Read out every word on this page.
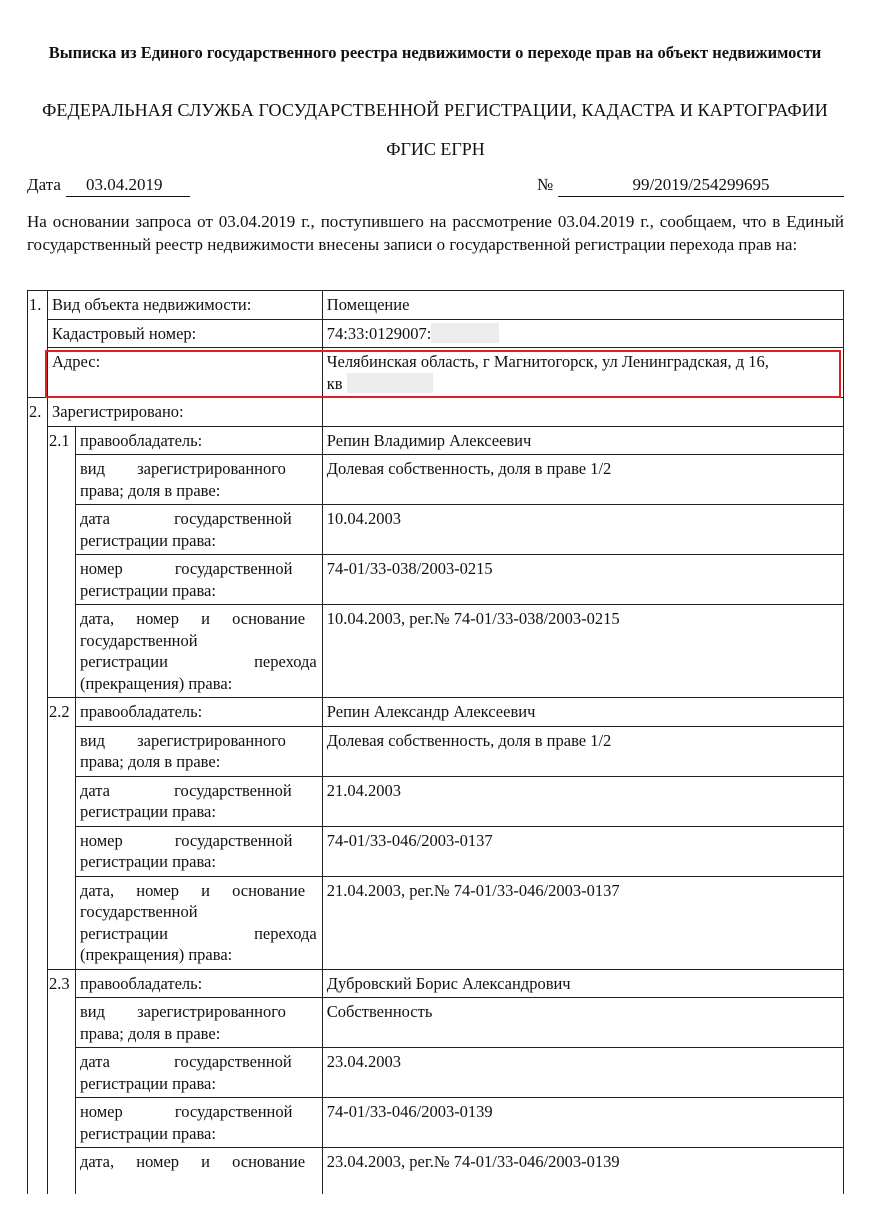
Выписка из Единого государственного реестра недвижимости о переходе прав на объект недвижимости
ФЕДЕРАЛЬНАЯ СЛУЖБА ГОСУДАРСТВЕННОЙ РЕГИСТРАЦИИ, КАДАСТРА И КАРТОГРАФИИ
ФГИС ЕГРН
Дата	03.04.2019	№	99/2019/254299695
На основании запроса от 03.04.2019 г., поступившего на рассмотрение 03.04.2019 г., сообщаем, что в Единый государственный реестр недвижимости внесены записи о государственной регистрации перехода прав на:
1.	Вид объекта недвижимости:		Помещение
	Кадастровый номер:		74:33:0129007:
	Адрес:		Челябинская область, г Магнитогорск, ул Ленинградская, д 16,
кв

2.	Зарегистрировано:		
	2.1	правообладатель:	Репин Владимир Алексеевич

		вид зарегистрированного
права; доля в праве:	Долевая собственность, доля в праве 1/2

		дата государственной
регистрации права:	10.04.2003

		номер государственной
регистрации права:	74-01/33-038/2003-0215

		дата, номер и основание
государственной
регистрации перехода
(прекращения) права:	10.04.2003, рег.№ 74-01/33-038/2003-0215
	2.2	правообладатель:	Репин Александр Алексеевич

		вид зарегистрированного
права; доля в праве:	Долевая собственность, доля в праве 1/2

		дата государственной
регистрации права:	21.04.2003

		номер государственной
регистрации права:	74-01/33-046/2003-0137

		дата, номер и основание
государственной
регистрации перехода
(прекращения) права:	21.04.2003, рег.№ 74-01/33-046/2003-0137
	2.3	правообладатель:	Дубровский Борис Александрович

		вид зарегистрированного
права; доля в праве:	Собственность

		дата государственной
регистрации права:	23.04.2003

		номер государственной
регистрации права:	74-01/33-046/2003-0139

		дата, номер и основание	23.04.2003, рег.№ 74-01/33-046/2003-0139
